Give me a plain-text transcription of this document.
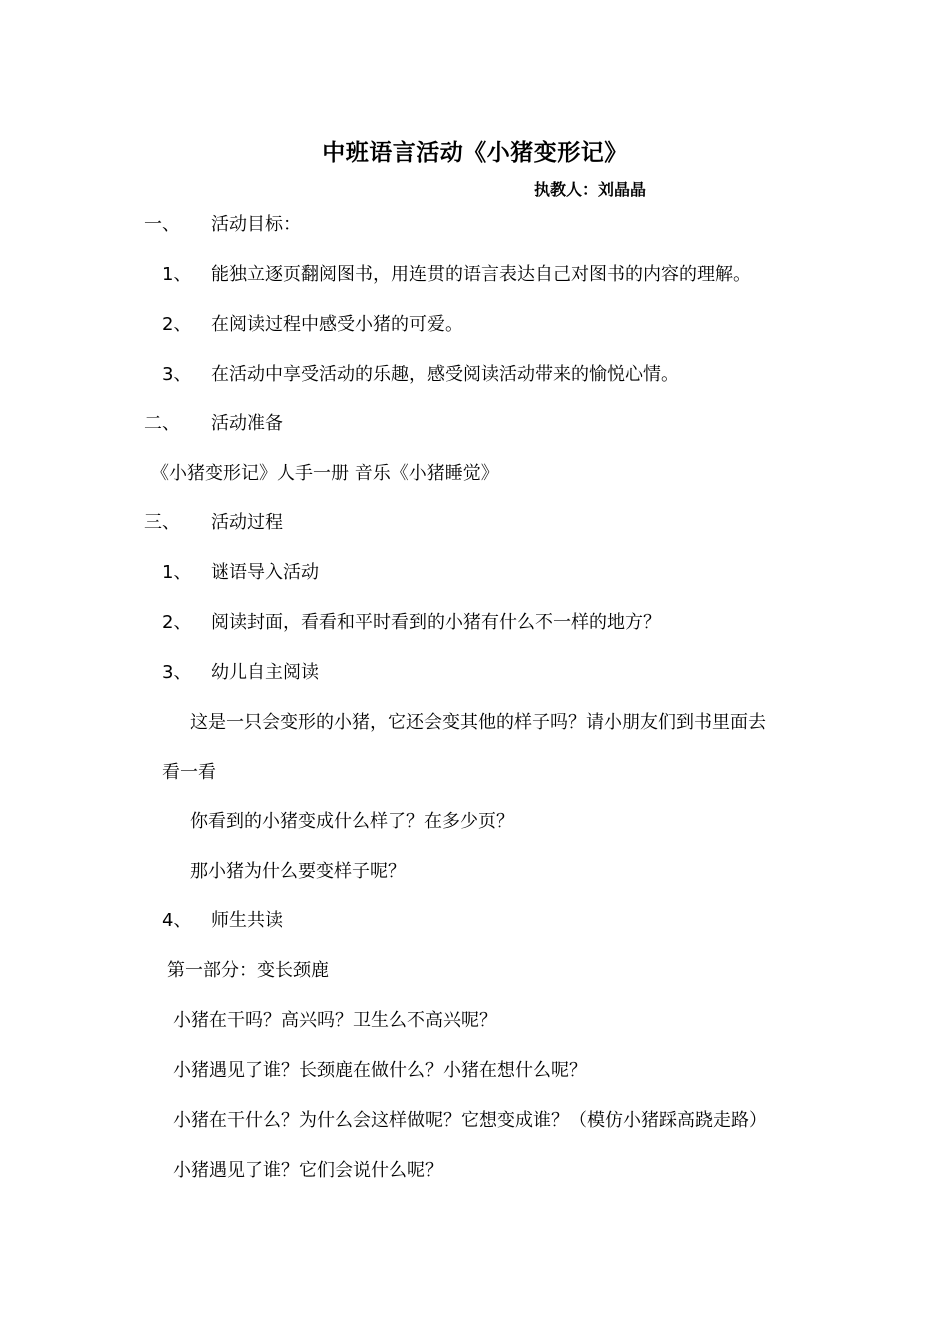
中班语言活动《小猪变形记》
执教人：刘晶晶
一、 活动目标：
1、 能独立逐页翻阅图书，用连贯的语言表达自己对图书的内容的理解。
2、 在阅读过程中感受小猪的可爱。
3、 在活动中享受活动的乐趣，感受阅读活动带来的愉悦心情。
二、 活动准备
《小猪变形记》人手一册 音乐《小猪睡觉》
三、 活动过程
1、 谜语导入活动
2、 阅读封面，看看和平时看到的小猪有什么不一样的地方？
3、 幼儿自主阅读
这是一只会变形的小猪，它还会变其他的样子吗？请小朋友们到书里面去
看一看
你看到的小猪变成什么样了？在多少页？
那小猪为什么要变样子呢？
4、 师生共读
第一部分：变长颈鹿
小猪在干吗？高兴吗？卫生么不高兴呢？
小猪遇见了谁？长颈鹿在做什么？小猪在想什么呢？
小猪在干什么？为什么会这样做呢？它想变成谁？（模仿小猪踩高跷走路）
小猪遇见了谁？它们会说什么呢？
